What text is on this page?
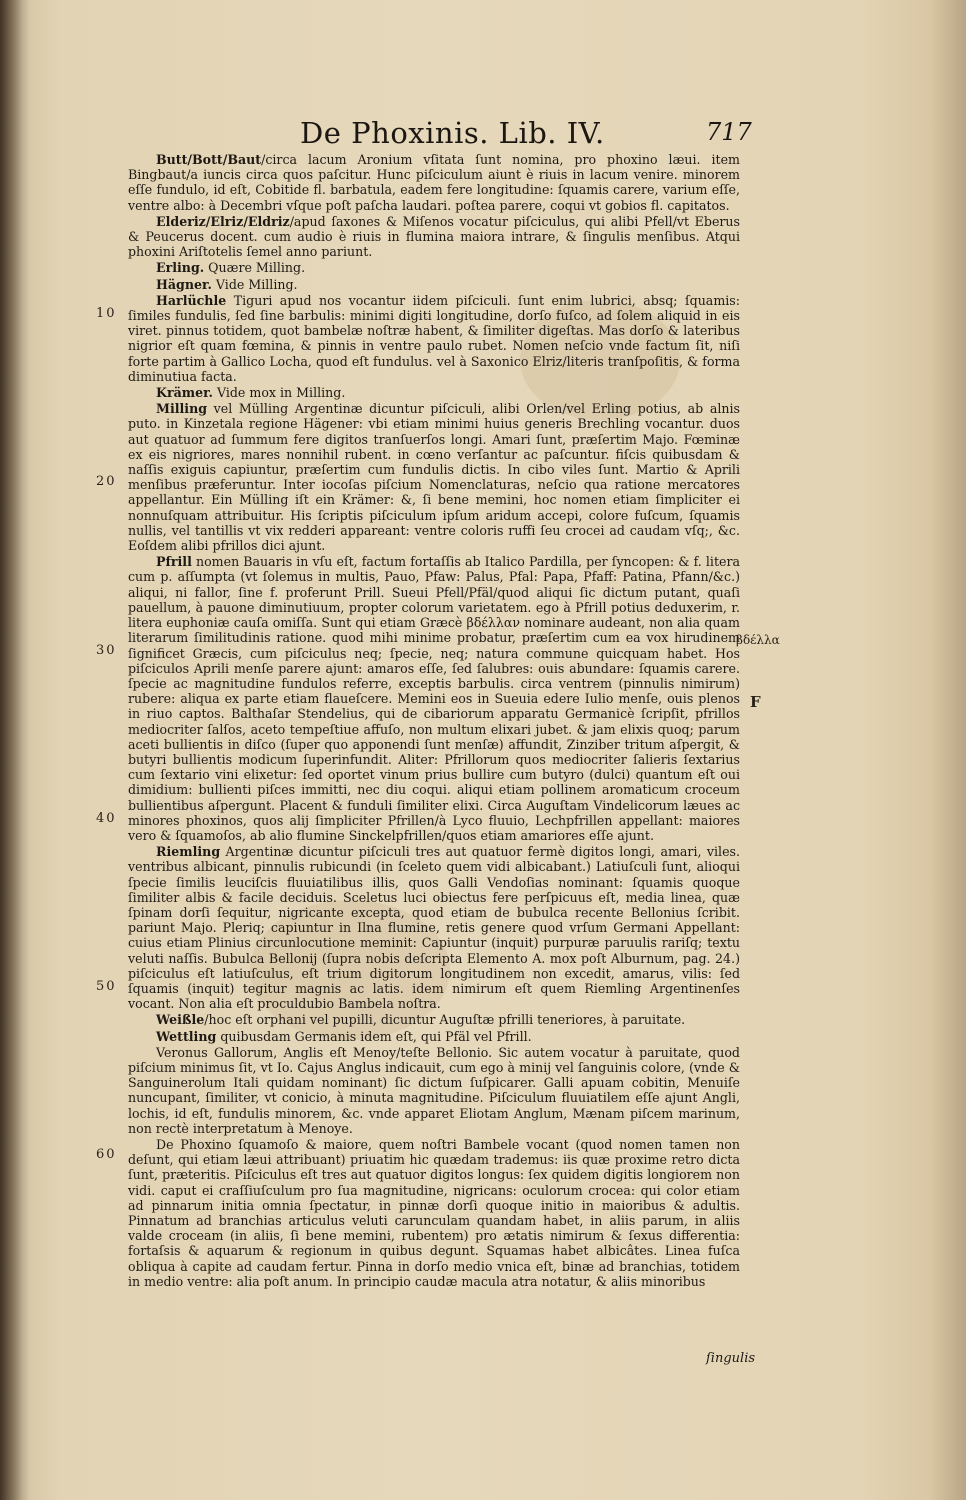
De Phoxinis. Lib. IV.	717
10
20
30
40
50
60

Butt/Bott/Baut/circa lacum Aronium vſitata ſunt nomina, pro phoxino læui. item Bingbaut/a iuncis circa quos paſcitur. Hunc piſciculum aiunt è riuis in lacum venire. minorem eſſe fundulo, id eſt, Cobitide fl. barbatula, eadem fere longitudine: ſquamis carere, varium eſſe, ventre albo: à Decembri vſque poſt paſcha laudari. poſtea parere, coqui vt gobios fl. capitatos.

Elderiz/Elriz/Eldriz/apud ſaxones & Miſenos vocatur piſciculus, qui alibi Pfell/vt Eberus & Peucerus docent. cum audio è riuis in flumina maiora intrare, & ſingulis menſibus. Atqui phoxini Ariſtotelis ſemel anno pariunt.

Erling. Quære Milling.

Hägner. Vide Milling.

Harlüchle Tiguri apud nos vocantur iidem piſciculi. ſunt enim lubrici, absq; ſquamis: ſimiles fundulis, ſed ſine barbulis: minimi digiti longitudine, dorſo fuſco, ad ſolem aliquid in eis viret. pinnus totidem, quot bambelæ noſtræ habent, & ſimiliter digeſtas. Mas dorſo & lateribus nigrior eſt quam fœmina, & pinnis in ventre paulo rubet. Nomen neſcio vnde factum ſit, niſi forte partim à Gallico Locha, quod eſt fundulus. vel à Saxonico Elriz/literis tranſpoſitis, & forma diminutiua facta.

Krämer. Vide mox in Milling.

Milling vel Mülling Argentinæ dicuntur piſciculi, alibi Orlen/vel Erling potius, ab alnis puto. in Kinzetala regione Hägener: vbi etiam minimi huius generis Brechling vocantur. duos aut quatuor ad ſummum fere digitos tranſuerſos longi. Amari ſunt, præſertim Majo. Fœminæ ex eis nigriores, mares nonnihil rubent. in cœno verſantur ac paſcuntur. fiſcis quibusdam & naſſis exiguis capiuntur, præſertim cum fundulis dictis. In cibo viles ſunt. Martio & Aprili menſibus præferuntur. Inter iocoſas piſcium Nomenclaturas, neſcio qua ratione mercatores appellantur. Ein Mülling iſt ein Krämer: &, ſi bene memini, hoc nomen etiam ſimpliciter ei nonnuſquam attribuitur. His ſcriptis piſciculum ipſum aridum accepi, colore fuſcum, ſquamis nullis, vel tantillis vt vix redderi appareant: ventre coloris ruffi ſeu crocei ad caudam vſq;, &c. Eoſdem alibi pfrillos dici ajunt.

Pfrill nomen Bauaris in vſu eſt, factum fortaſſis ab Italico Pardilla, per ſyncopen: & f. litera cum p. aſſumpta (vt ſolemus in multis, Pauo, Pfaw: Palus, Pfal: Papa, Pfaff: Patina, Pfann/&c.) aliqui, ni fallor, ſine f. proferunt Prill. Sueui Pfell/Pfäl/quod aliqui ſic dictum putant, quaſi pauellum, à pauone diminutiuum, propter colorum varietatem. ego à Pfrill potius deduxerim, r. litera euphoniæ cauſa omiſſa. Sunt qui etiam Græcè βδέλλαν nominare audeant, non alia quam literarum ſimilitudinis ratione. quod mihi minime probatur, præſertim cum ea vox hirudinem ſignificet Græcis, cum piſciculus neq; ſpecie, neq; natura commune quicquam habet. Hos piſciculos Aprili menſe parere ajunt: amaros eſſe, ſed ſalubres: ouis abundare: ſquamis carere. ſpecie ac magnitudine fundulos referre, exceptis barbulis. circa ventrem (pinnulis nimirum) rubere: aliqua ex parte etiam flaueſcere. Memini eos in Sueuia edere Iulio menſe, ouis plenos in riuo captos. Balthaſar Stendelius, qui de cibariorum apparatu Germanicè ſcripſit, pfrillos mediocriter ſalſos, aceto tempeſtiue affuſo, non multum elixari jubet. & jam elixis quoq; parum aceti bullientis in diſco (ſuper quo apponendi ſunt menſæ) affundit, Zinziber tritum aſpergit, & butyri bullientis modicum ſuperinfundit. Aliter: Pfrillorum quos mediocriter ſalieris ſextarius cum ſextario vini elixetur: ſed oportet vinum prius bullire cum butyro (dulci) quantum eſt oui dimidium: bullienti piſces immitti, nec diu coqui. aliqui etiam pollinem aromaticum croceum bullientibus aſpergunt. Placent & funduli ſimiliter elixi. Circa Auguſtam Vindelicorum læues ac minores phoxinos, quos alij ſimpliciter Pfrillen/à Lyco fluuio, Lechpfrillen appellant: maiores vero & ſquamoſos, ab alio flumine Sinckelpfrillen/quos etiam amariores eſſe ajunt.

Riemling Argentinæ dicuntur piſciculi tres aut quatuor fermè digitos longi, amari, viles. ventribus albicant, pinnulis rubicundi (in ſceleto quem vidi albicabant.) Latiuſculi ſunt, alioqui ſpecie ſimilis leuciſcis fluuiatilibus illis, quos Galli Vendoſias nominant: ſquamis quoque ſimiliter albis & facile deciduis. Sceletus luci obiectus fere perſpicuus eſt, media linea, quæ ſpinam dorſi ſequitur, nigricante excepta, quod etiam de bubulca recente Bellonius ſcribit. pariunt Majo. Pleriq; capiuntur in Ilna flumine, retis genere quod vrſum Germani Appellant: cuius etiam Plinius circunlocutione meminit: Capiuntur (inquit) purpuræ paruulis rariſq; textu veluti naſſis. Bubulca Bellonij (ſupra nobis deſcripta Elemento A. mox poſt Alburnum, pag. 24.) piſciculus eſt latiuſculus, eſt trium digitorum longitudinem non excedit, amarus, vilis: ſed ſquamis (inquit) tegitur magnis ac latis. idem nimirum eſt quem Riemling Argentinenſes vocant. Non alia eſt proculdubio Bambela noſtra.

Weißle/hoc eſt orphani vel pupilli, dicuntur Auguſtæ pfrilli teneriores, à paruitate.

Wettling quibusdam Germanis idem eſt, qui Pfäl vel Pfrill.

Veronus Gallorum, Anglis eſt Menoy/teſte Bellonio. Sic autem vocatur à paruitate, quod piſcium minimus ſit, vt Io. Cajus Anglus indicauit, cum ego à minij vel ſanguinis colore, (vnde & Sanguinerolum Itali quidam nominant) ſic dictum ſuſpicarer. Galli apuam cobitin, Menuiſe nuncupant, ſimiliter, vt conicio, à minuta magnitudine. Piſciculum fluuiatilem eſſe ajunt Angli, lochis, id eſt, fundulis minorem, &c. vnde apparet Eliotam Anglum, Mænam piſcem marinum, non rectè interpretatum à Menoye.

De Phoxino ſquamoſo & maiore, quem noſtri Bambele vocant (quod nomen tamen non deſunt, qui etiam læui attribuant) priuatim hic quædam trademus: iis quæ proxime retro dicta ſunt, præteritis. Piſciculus eſt tres aut quatuor digitos longus: ſex quidem digitis longiorem non vidi. caput ei craſſiuſculum pro ſua magnitudine, nigricans: oculorum crocea: qui color etiam ad pinnarum initia omnia ſpectatur, in pinnæ dorſi quoque initio in maioribus & adultis. Pinnatum ad branchias articulus veluti carunculam quandam habet, in aliis parum, in aliis valde croceam (in aliis, ſi bene memini, rubentem) pro ætatis nimirum & ſexus differentia: fortaſsis & aquarum & regionum in quibus degunt. Squamas habet albicâtes. Linea fuſca obliqua à capite ad caudam fertur. Pinna in dorſo medio vnica eſt, binæ ad branchias, totidem in medio ventre: alia poſt anum. In principio caudæ macula atra notatur, & aliis minoribus

βδέλλα
F
ſingulis
